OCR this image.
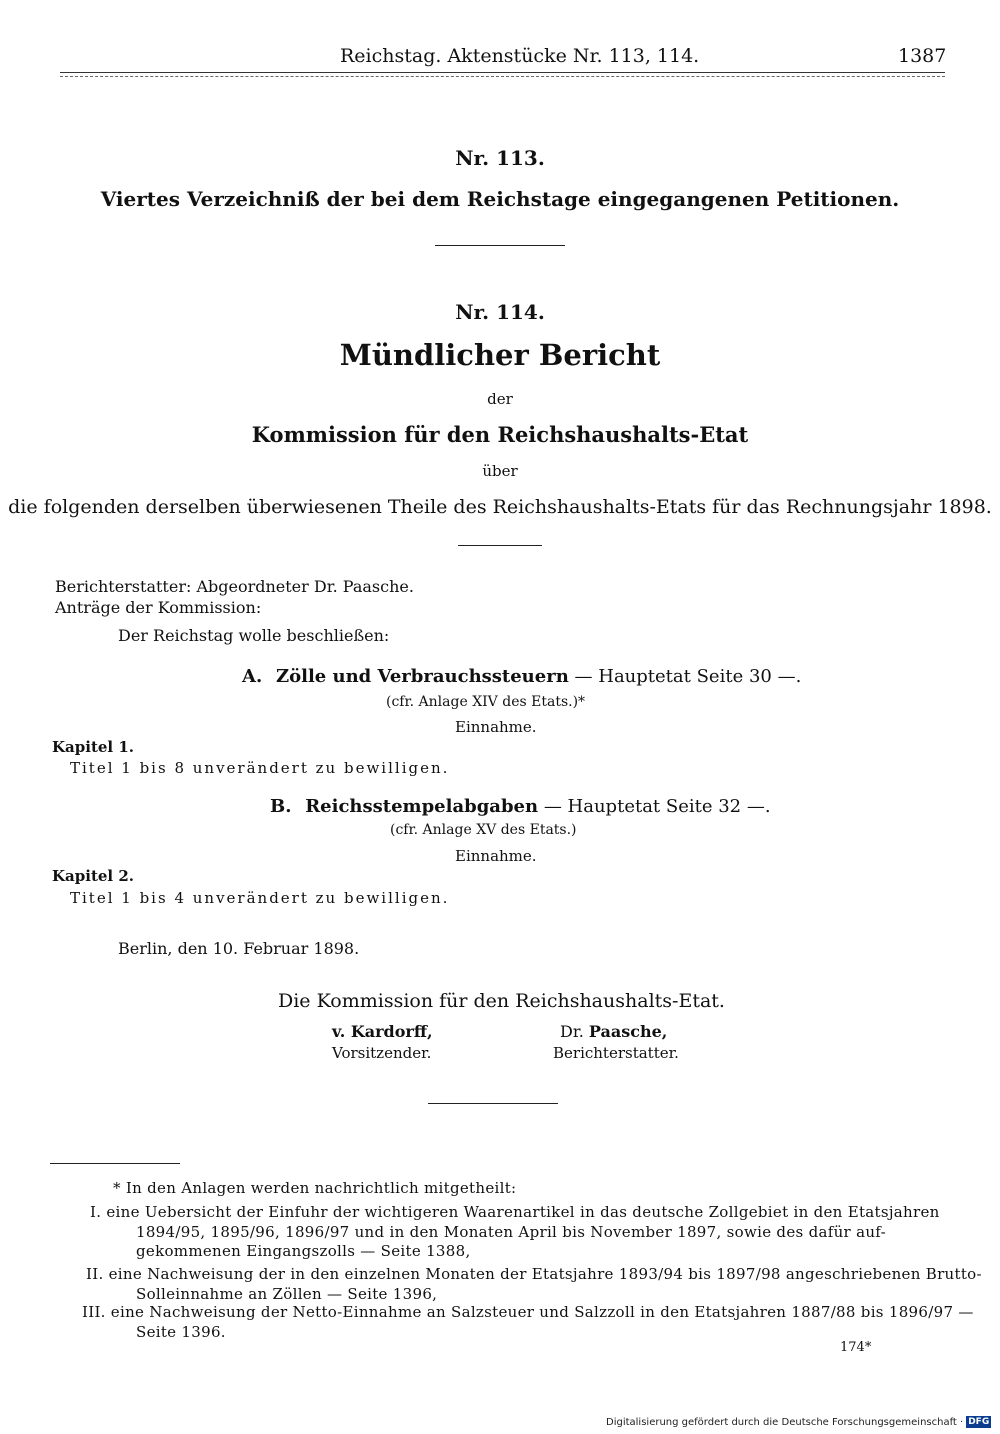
Reichstag. Aktenstücke Nr. 113, 114.	1387
Nr. 113.
Viertes Verzeichniß der bei dem Reichstage eingegangenen Petitionen.
Nr. 114.
Mündlicher Bericht
der
Kommission für den Reichshaushalts-Etat
über
die folgenden derselben überwiesenen Theile des Reichshaushalts-Etats für das Rechnungsjahr 1898.
Berichterstatter: Abgeordneter Dr. Paasche.
Anträge der Kommission:
Der Reichstag wolle beschließen:
A. Zölle und Verbrauchssteuern — Hauptetat Seite 30 —.
(cfr. Anlage XIV des Etats.)*
Einnahme.
Kapitel 1.
Titel 1 bis 8 unverändert zu bewilligen.
B. Reichsstempelabgaben — Hauptetat Seite 32 —.
(cfr. Anlage XV des Etats.)
Einnahme.
Kapitel 2.
Titel 1 bis 4 unverändert zu bewilligen.
Berlin, den 10. Februar 1898.
Die Kommission für den Reichshaushalts-Etat.
v. Kardorff,
Vorsitzender.
Dr. Paasche,
Berichterstatter.
* In den Anlagen werden nachrichtlich mitgetheilt:
I. eine Uebersicht der Einfuhr der wichtigeren Waarenartikel in das deutsche Zollgebiet in den Etatsjahren
1894/95, 1895/96, 1896/97 und in den Monaten April bis November 1897, sowie des dafür auf-
gekommenen Eingangszolls — Seite 1388,
II. eine Nachweisung der in den einzelnen Monaten der Etatsjahre 1893/94 bis 1897/98 angeschriebenen Brutto-
Solleinnahme an Zöllen — Seite 1396,
III. eine Nachweisung der Netto-Einnahme an Salzsteuer und Salzzoll in den Etatsjahren 1887/88 bis 1896/97 —
Seite 1396.
174*
Digitalisierung gefördert durch die Deutsche Forschungsgemeinschaft · DFG
